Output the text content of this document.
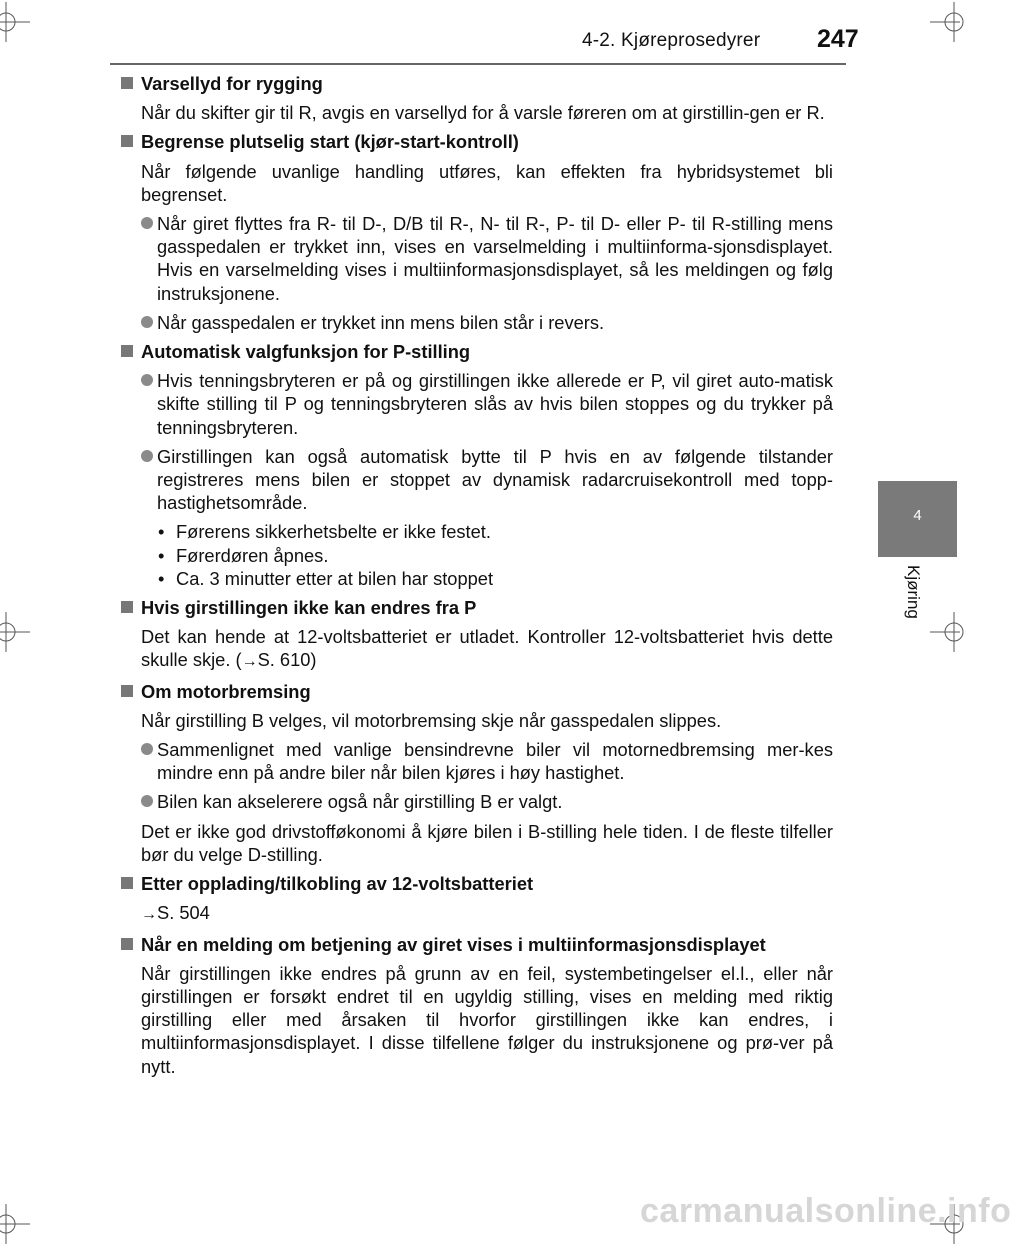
4-2. Kjøreprosedyrer 247
4
Kjøring
Varsellyd for rygging
Når du skifter gir til R, avgis en varsellyd for å varsle føreren om at girstillin-gen er R.
Begrense plutselig start (kjør-start-kontroll)
Når følgende uvanlige handling utføres, kan effekten fra hybridsystemet bli begrenset.
Når giret flyttes fra R- til D-, D/B til R-, N- til R-, P- til D- eller P- til R-stilling mens gasspedalen er trykket inn, vises en varselmelding i multiinforma-sjonsdisplayet. Hvis en varselmelding vises i multiinformasjonsdisplayet, så les meldingen og følg instruksjonene.
Når gasspedalen er trykket inn mens bilen står i revers.
Automatisk valgfunksjon for P-stilling
Hvis tenningsbryteren er på og girstillingen ikke allerede er P, vil giret auto-matisk skifte stilling til P og tenningsbryteren slås av hvis bilen stoppes og du trykker på tenningsbryteren.
Girstillingen kan også automatisk bytte til P hvis en av følgende tilstander registreres mens bilen er stoppet av dynamisk radarcruisekontroll med topp-hastighetsområde.
• Førerens sikkerhetsbelte er ikke festet.
• Førerdøren åpnes.
• Ca. 3 minutter etter at bilen har stoppet
Hvis girstillingen ikke kan endres fra P
Det kan hende at 12-voltsbatteriet er utladet. Kontroller 12-voltsbatteriet hvis dette skulle skje. (→S. 610)
Om motorbremsing
Når girstilling B velges, vil motorbremsing skje når gasspedalen slippes.
Sammenlignet med vanlige bensindrevne biler vil motornedbremsing mer-kes mindre enn på andre biler når bilen kjøres i høy hastighet.
Bilen kan akselerere også når girstilling B er valgt.
Det er ikke god drivstofføkonomi å kjøre bilen i B-stilling hele tiden. I de fleste tilfeller bør du velge D-stilling.
Etter opplading/tilkobling av 12-voltsbatteriet
→S. 504
Når en melding om betjening av giret vises i multiinformasjonsdisplayet
Når girstillingen ikke endres på grunn av en feil, systembetingelser el.l., eller når girstillingen er forsøkt endret til en ugyldig stilling, vises en melding med riktig girstilling eller med årsaken til hvorfor girstillingen ikke kan endres, i multiinformasjonsdisplayet. I disse tilfellene følger du instruksjonene og prø-ver på nytt.
carmanualsonline.info
